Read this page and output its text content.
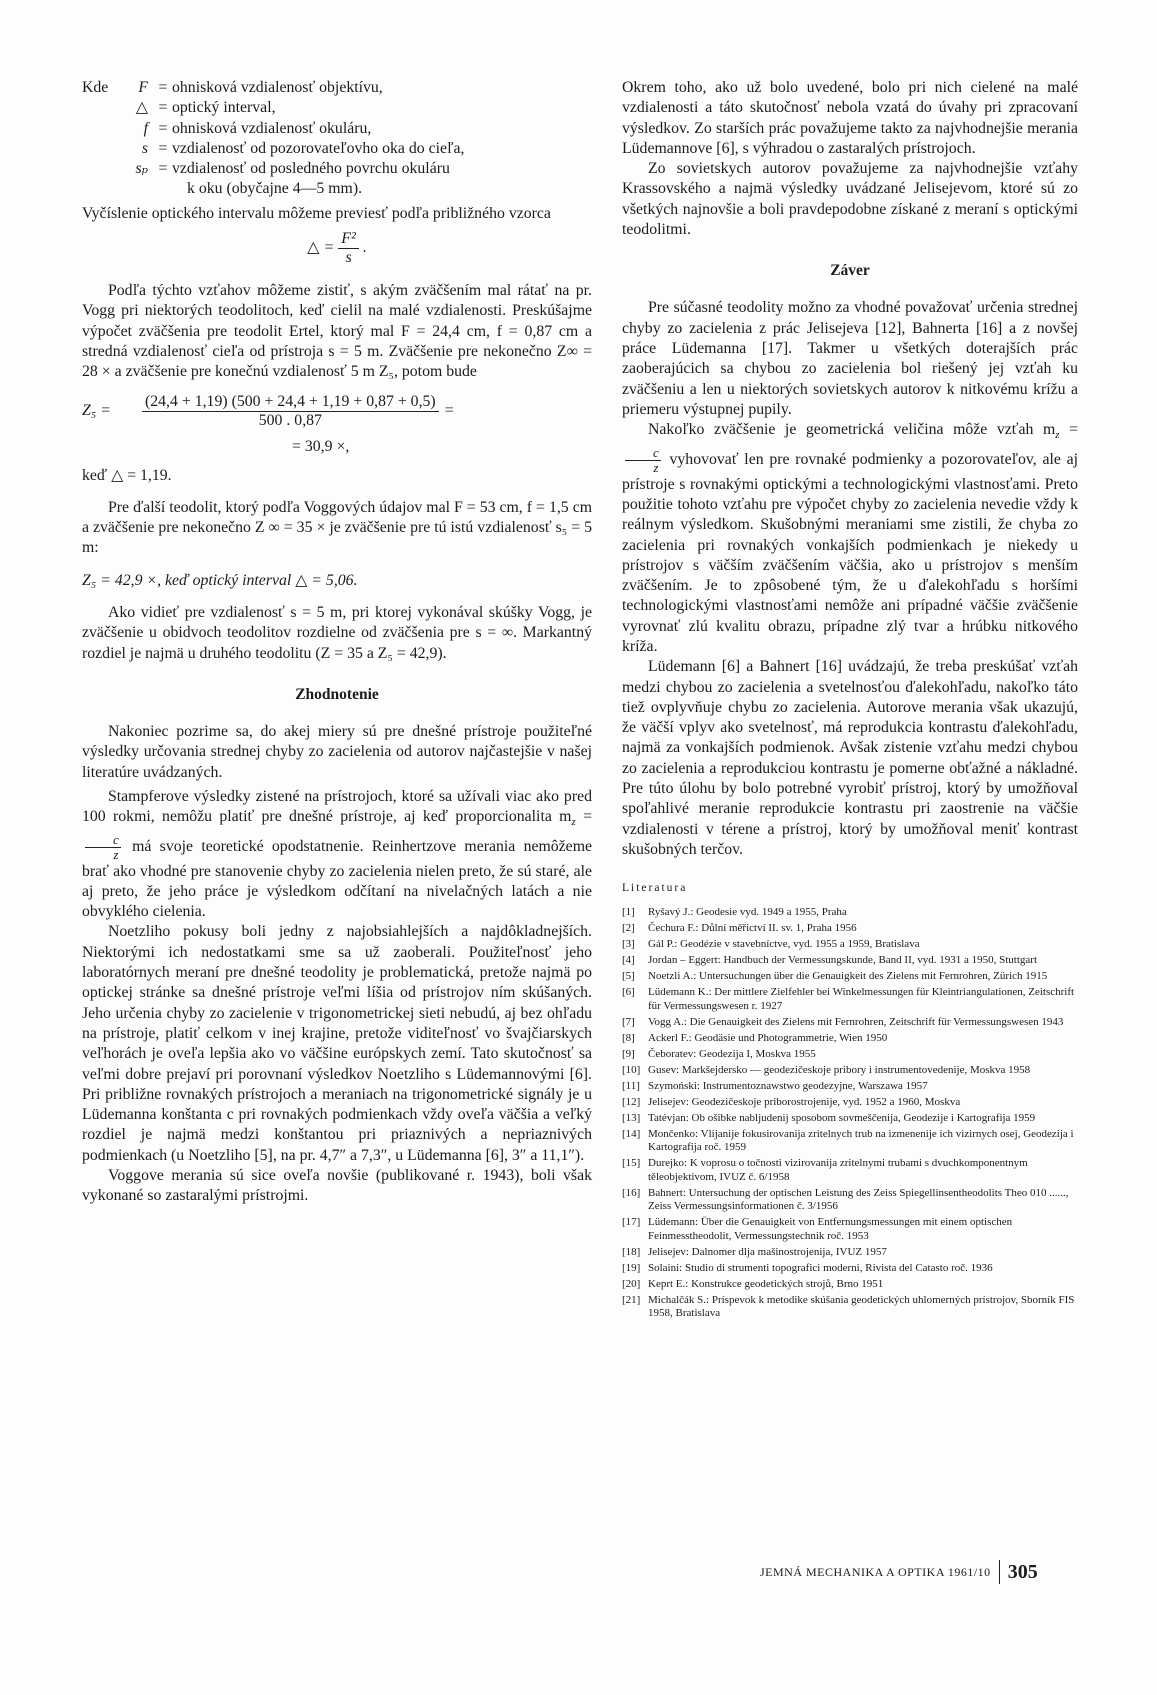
Kde	F = ohnisková vzdialenosť objektívu,
△ = optický interval,
f = ohnisková vzdialenosť okuláru,
s = vzdialenosť od pozorovateľovho oka do cieľa,
sₚ = vzdialenosť od posledného povrchu okuláru

k oku (obyčajne 4—5 mm).

Vyčíslenie optického intervalu môžeme previesť podľa približného vzorca

△ = $\frac{\text{F²}}{s}$ .

Podľa týchto vzťahov môžeme zistiť, s akým zväčšením mal rátať na pr. Vogg pri niektorých teodolitoch, keď cielil na malé vzdialenosti. Preskúšajme výpočet zväčšenia pre teodolit Ertel, ktorý mal F = 24,4 cm, f = 0,87 cm a stredná vzdialenosť cieľa od prístroja s = 5 m. Zväčšenie pre nekonečno Z∞ = 28 × a zväčšenie pre konečnú vzdialenosť 5 m Z₅, potom bude

Z₅ =	$\frac{(24,4 + 1,19) (500 + 24,4 + 1,19 + 0,87 + 0,5)}{500 . 0,87}$ =

= 30,9 ×,

keď △ = 1,19.

Pre ďalší teodolit, ktorý podľa Voggových údajov mal F = 53 cm, f = 1,5 cm a zväčšenie pre nekonečno Z ∞ = 35 × je zväčšenie pre tú istú vzdialenosť s₅ = 5 m:

Z₅ = 42,9 ×, keď optický interval △ = 5,06.

Ako vidieť pre vzdialenosť s = 5 m, pri ktorej vykonával skúšky Vogg, je zväčšenie u obidvoch teodolitov rozdielne od zväčšenia pre s = ∞. Markantný rozdiel je najmä u druhého teodolitu (Z = 35 a Z₅ = 42,9).

Zhodnotenie

Nakoniec pozrime sa, do akej miery sú pre dnešné prístroje použiteľné výsledky určovania strednej chyby zo zacielenia od autorov najčastejšie v našej literatúre uvádzaných.

Stampferove výsledky zistené na prístrojoch, ktoré sa užívali viac ako pred 100 rokmi, nemôžu platiť pre dnešné prístroje, aj keď proporcionalita $m_z$ =
$\frac{c}{z}$ má svoje teoretické opodstatnenie. Reinhertzove merania nemôžeme brať ako vhodné pre stanovenie chyby zo zacielenia nielen preto, že sú staré, ale aj preto, že jeho práce je výsledkom odčítaní na nivelačných latách a nie obvyklého cielenia.

Noetzliho pokusy boli jedny z najobsiahlejších a najdôkladnejších. Niektorými ich nedostatkami sme sa už zaoberali. Použiteľnosť jeho laboratórnych meraní pre dnešné teodolity je problematická, pretože najmä po optickej stránke sa dnešné prístroje veľmi líšia od prístrojov ním skúšaných. Jeho určenia chyby zo zacielenie v trigonometrickej sieti nebudú, aj bez ohľadu na prístroje, platiť celkom v inej krajine, pretože viditeľnosť vo švajčiarskych veľhorách je oveľa lepšia ako vo väčšine európskych zemí. Tato skutočnosť sa veľmi dobre prejaví pri porovnaní výsledkov Noetzliho s Lüdemannovými [6]. Pri približne rovnakých prístrojoch a meraniach na trigonometrické signály je u Lüdemanna konštanta c pri rovnakých podmienkach vždy oveľa väčšia a veľký rozdiel je najmä medzi konštantou pri priaznivých a nepriaznivých podmienkach (u Noetzliho [5], na pr. 4,7″ a 7,3″, u Lüdemanna [6], 3″ a 11,1″).

Voggove merania sú sice oveľa novšie (publikované r. 1943), boli však vykonané so zastaralými prístrojmi.

Okrem toho, ako už bolo uvedené, bolo pri nich cielené na malé vzdialenosti a táto skutočnosť nebola vzatá do úvahy pri zpracovaní výsledkov. Zo starších prác považujeme takto za najvhodnejšie merania Lüdemannove [6], s výhradou o zastaralých prístrojoch.

Zo sovietskych autorov považujeme za najvhodnejšie vzťahy Krassovského a najmä výsledky uvádzané Jelisejevom, ktoré sú zo všetkých najnovšie a boli pravdepodobne získané z meraní s optickými teodolitmi.

Záver

Pre súčasné teodolity možno za vhodné považovať určenia strednej chyby zo zacielenia z prác Jelisejeva [12], Bahnerta [16] a z novšej práce Lüdemanna [17]. Takmer u všetkých doterajších prác zaoberajúcich sa chybou zo zacielenia bol riešený jej vzťah ku zväčšeniu a len u niektorých sovietskych autorov k nitkovému krížu a priemeru výstupnej pupily.

Nakoľko zväčšenie je geometrická veličina môže vzťah $m_z$ =
$\frac{c}{z}$ vyhovovať len pre rovnaké podmienky a pozorovateľov, ale aj prístroje s rovnakými optickými a technologickými vlastnosťami. Preto použitie tohoto vzťahu pre výpočet chyby zo zacielenia nevedie vždy k reálnym výsledkom. Skušobnými meraniami sme zistili, že chyba zo zacielenia pri rovnakých vonkajších podmienkach je niekedy u prístrojov s väčším zväčšením väčšia, ako u prístrojov s menším zväčšením. Je to zpôsobené tým, že u ďalekohľadu s horšími technologickými vlastnosťami nemôže ani prípadné väčšie zväčšenie vyrovnať zlú kvalitu obrazu, prípadne zlý tvar a hrúbku nitkového kríža.

Lüdemann [6] a Bahnert [16] uvádzajú, že treba preskúšať vzťah medzi chybou zo zacielenia a svetelnosťou ďalekohľadu, nakoľko táto tiež ovplyvňuje chybu zo zacielenia. Autorove merania však ukazujú, že väčší vplyv ako svetelnosť, má reprodukcia kontrastu ďalekohľadu, najmä za vonkajších podmienok. Avšak zistenie vzťahu medzi chybou zo zacielenia a reprodukciou kontrastu je pomerne obťažné a nákladné. Pre túto úlohu by bolo potrebné vyrobiť prístroj, ktorý by umožňoval spoľahlivé meranie reprodukcie kontrastu pri zaostrenie na väčšie vzdialenosti v térene a prístroj, ktorý by umožňoval meniť kontrast skušobných terčov.

Literatura
[1]	Ryšavý J.: Geodesie vyd. 1949 a 1955, Praha
[2]	Čechura F.: Důlní měřictví II. sv. 1, Praha 1956
[3]	Gál P.: Geodézie v stavebníctve, vyd. 1955 a 1959, Bratislava
[4]	Jordan – Eggert: Handbuch der Vermessungskunde, Band II, vyd. 1931 a 1950, Stuttgart
[5]	Noetzli A.: Untersuchungen über die Genauigkeit des Zielens mit Fernrohren, Zürich 1915
[6]	Lüdemann K.: Der mittlere Zielfehler bei Winkelmessungen für Kleintriangulationen, Zeitschrift für Vermessungswesen r. 1927
[7]	Vogg A.: Die Genauigkeit des Zielens mit Fernrohren, Zeitschrift für Vermessungswesen 1943
[8]	Ackerl F.: Geodäsie und Photogrammetrie, Wien 1950
[9]	Čeboratev: Geodezija I, Moskva 1955
[10] Gusev: Markšejdersko — geodezičeskoje pribory i instrumentovedenije, Moskva 1958
[11] Szymoński: Instrumentoznawstwo geodezyjne, Warszawa 1957
[12] Jelisejev: Geodezičeskoje priborostrojenije, vyd. 1952 a 1960, Moskva
[13] Tatévjan: Ob ošibke nabljudenij sposobom sovmeščenija, Geodezije i Kartografija 1959
[14] Mončenko: Vlijanije fokusirovanija zritelnych trub na izmenenije ich vizirnych osej, Geodezija i Kartografija roč. 1959
[15] Durejko: K voprosu o točnosti vizirovanija zritelnymi trubami s dvuchkomponentnym těleobjektivom, IVUZ č. 6/1958
[16] Bahnert: Untersuchung der optischen Leistung des Zeiss Spiegellinsentheodolits Theo 010 ......, Zeiss Vermessungsinformationen č. 3/1956
[17] Lüdemann: Über die Genauigkeit von Entfernungsmessungen mit einem optischen Feinmesstheodolit, Vermessungstechnik roč. 1953
[18] Jelisejev: Dalnomer dlja mašinostrojenija, IVUZ 1957
[19] Solaini: Studio di strumenti topografici moderni, Rivista del Catasto roč. 1936
[20] Keprt E.: Konstrukce geodetických strojů, Brno 1951
[21] Michalčák S.: Príspevok k metodike skúšania geodetických uhlomerných prístrojov, Sborník FIS 1958, Bratislava
JEMNÁ MECHANIKA A OPTIKA 1961/10 305
